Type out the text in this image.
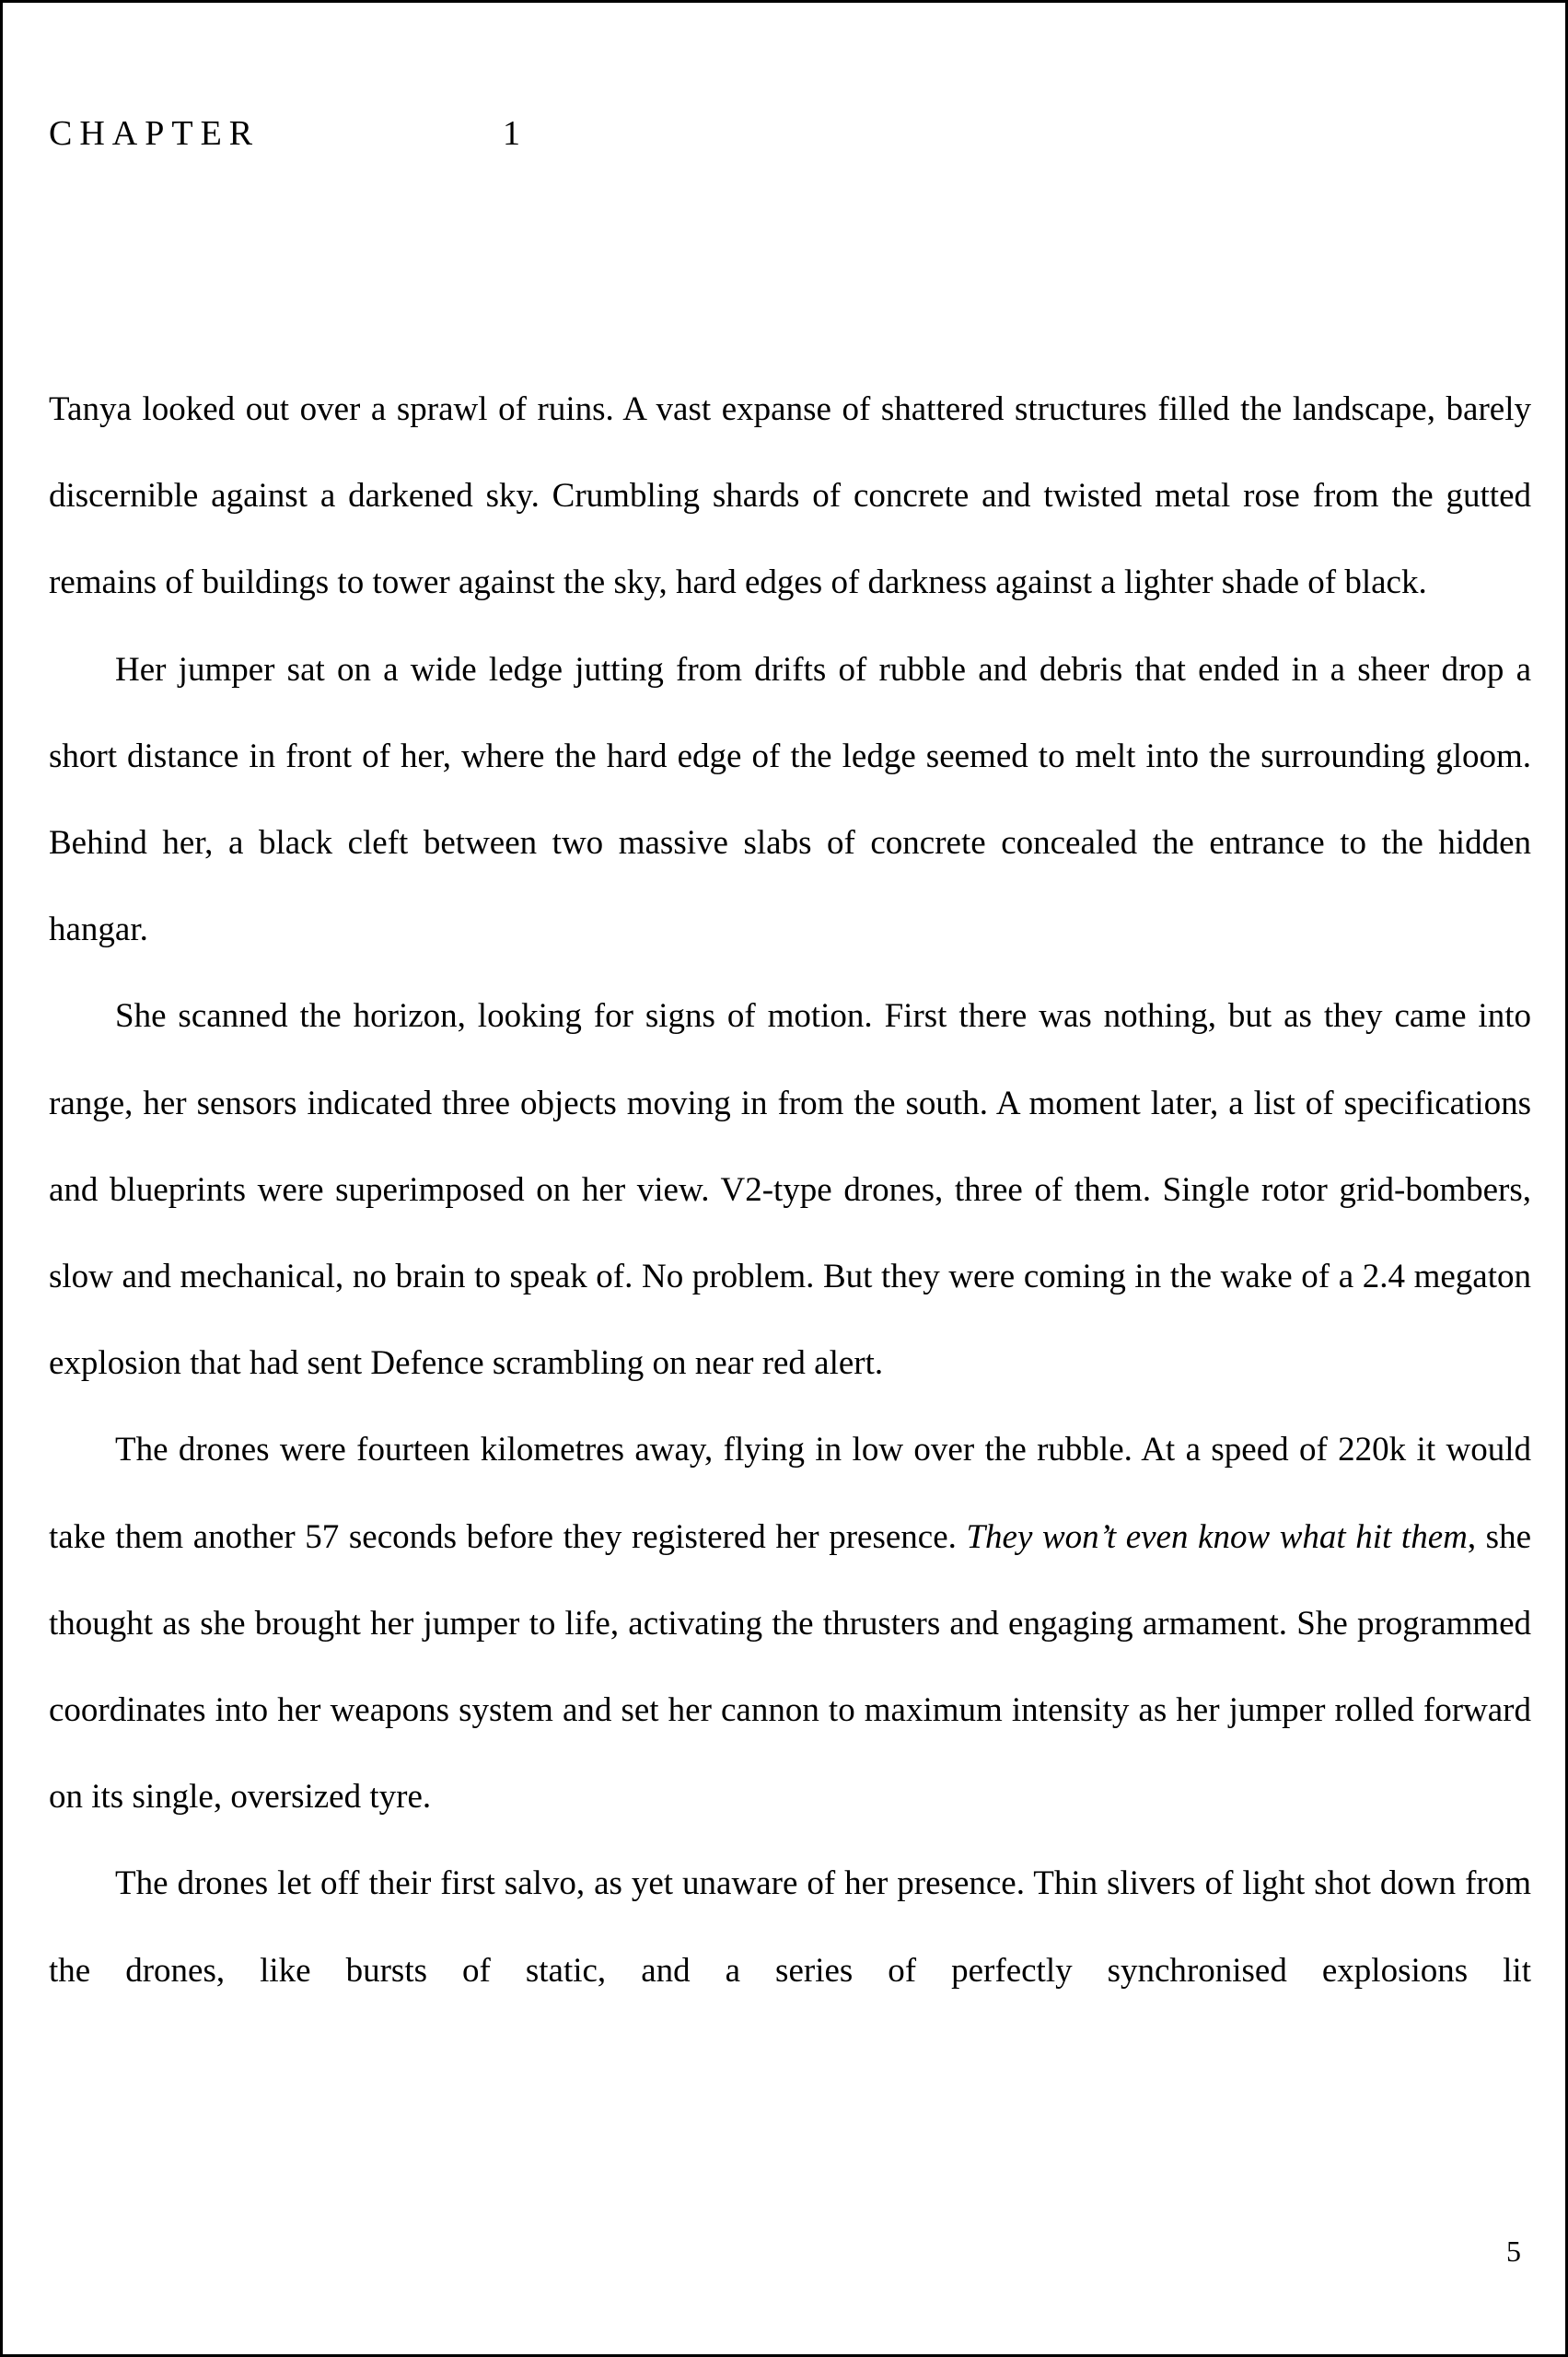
CHAPTER	1

Tanya looked out over a sprawl of ruins. A vast expanse of shattered structures filled the landscape, barely discernible against a darkened sky. Crumbling shards of concrete and twisted metal rose from the gutted remains of buildings to tower against the sky, hard edges of darkness against a lighter shade of black.

Her jumper sat on a wide ledge jutting from drifts of rubble and debris that ended in a sheer drop a short distance in front of her, where the hard edge of the ledge seemed to melt into the surrounding gloom. Behind her, a black cleft between two massive slabs of concrete concealed the entrance to the hidden hangar.

She scanned the horizon, looking for signs of motion. First there was nothing, but as they came into range, her sensors indicated three objects moving in from the south. A moment later, a list of specifications and blueprints were superimposed on her view. V2-type drones, three of them. Single rotor grid-bombers, slow and mechanical, no brain to speak of. No problem. But they were coming in the wake of a 2.4 megaton explosion that had sent Defence scrambling on near red alert.

The drones were fourteen kilometres away, flying in low over the rubble. At a speed of 220k it would take them another 57 seconds before they registered her presence. They won’t even know what hit them, she thought as she brought her jumper to life, activating the thrusters and engaging armament. She programmed coordinates into her weapons system and set her cannon to maximum intensity as her jumper rolled forward on its single, oversized tyre.

The drones let off their first salvo, as yet unaware of her presence. Thin slivers of light shot down from the drones, like bursts of static, and a series of perfectly synchronised explosions lit

5
